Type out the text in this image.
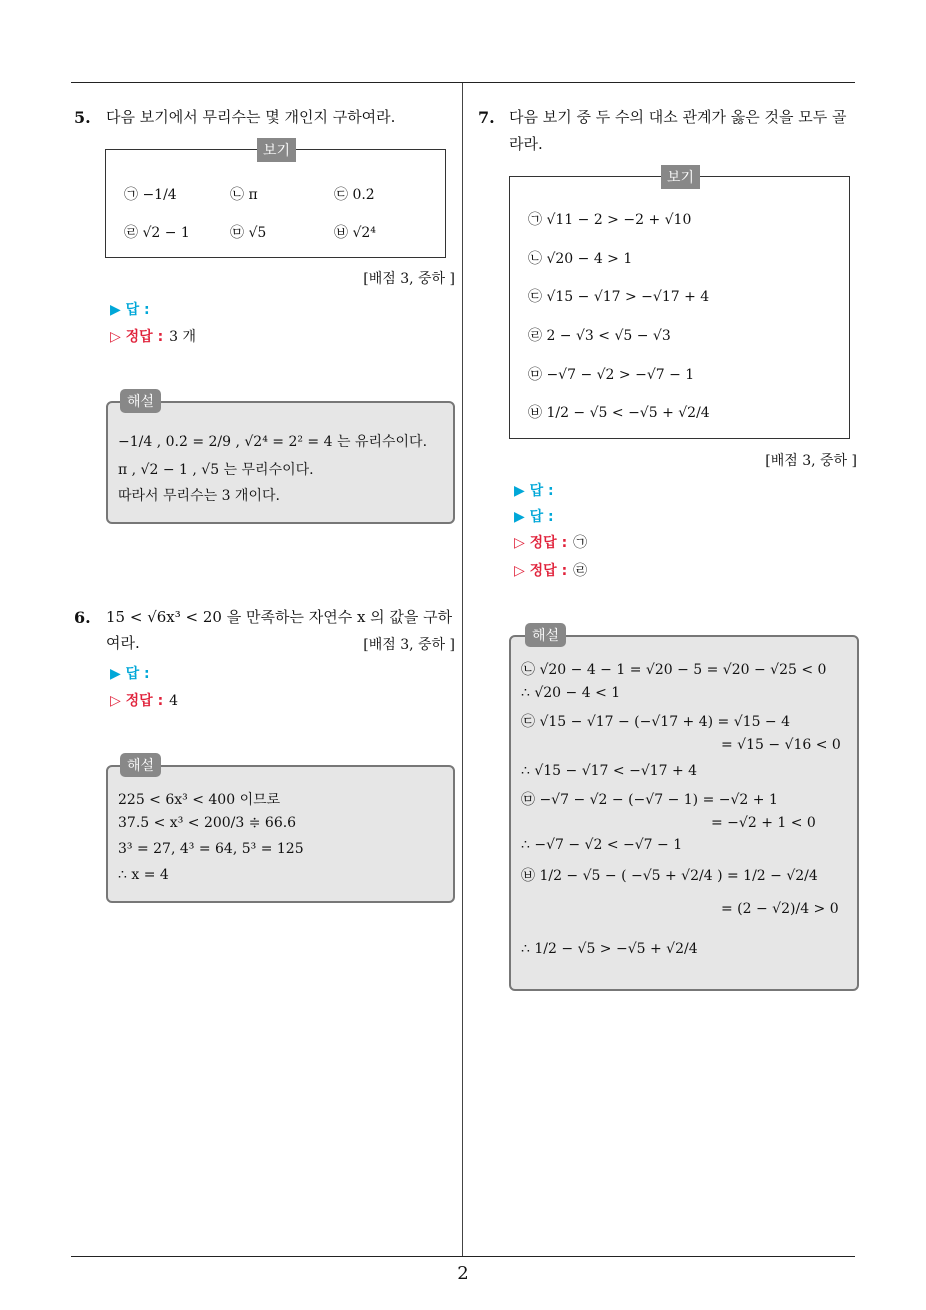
5. 다음 보기에서 무리수는 몇 개인지 구하여라.
보기
㉠ −1/4	㉡ π	㉢ 0.2̇
㉣ √2 − 1	㉤ √5	㉥ √2⁴
[배점 3, 중하 ]
▶ 답 :
▷ 정답 : 3 개
해설
−1/4 , 0.2̇ = 2/9 , √2⁴ = 2² = 4 는 유리수이다.
π , √2 − 1 , √5 는 무리수이다.
따라서 무리수는 3 개이다.
6. 15 < √6x³ < 20 을 만족하는 자연수 x 의 값을 구하
여라.	[배점 3, 중하 ]
▶ 답 :
▷ 정답 : 4
해설
225 < 6x³ < 400 이므로
37.5 < x³ < 200/3 ≑ 66.6
3³ = 27, 4³ = 64, 5³ = 125
∴ x = 4
7. 다음 보기 중 두 수의 대소 관계가 옳은 것을 모두 골
라라.
보기
㉠ √11 − 2 > −2 + √10
㉡ √20 − 4 > 1
㉢ √15 − √17 > −√17 + 4
㉣ 2 − √3 < √5 − √3
㉤ −√7 − √2 > −√7 − 1
㉥ 1/2 − √5 < −√5 + √2/4
[배점 3, 중하 ]
▶ 답 :
▶ 답 :
▷ 정답 : ㉠
▷ 정답 : ㉣
해설
㉡ √20 − 4 − 1 = √20 − 5 = √20 − √25 < 0
∴ √20 − 4 < 1
㉢ √15 − √17 − (−√17 + 4) = √15 − 4
= √15 − √16 < 0
∴ √15 − √17 < −√17 + 4
㉤ −√7 − √2 − (−√7 − 1) = −√2 + 1
= −√2 + 1 < 0
∴ −√7 − √2 < −√7 − 1
㉥ 1/2 − √5 − ( −√5 + √2/4 ) = 1/2 − √2/4
= (2 − √2)/4 > 0
∴ 1/2 − √5 > −√5 + √2/4
2
